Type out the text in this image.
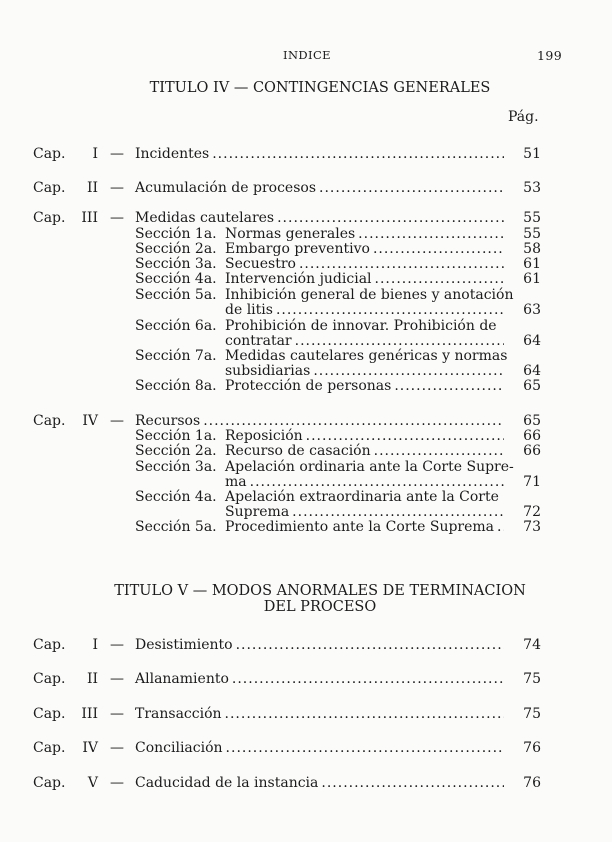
INDICE	199
TITULO IV — CONTINGENCIAS GENERALES
Pág.
Cap.	I — Incidentes .....	51
Cap.	II — Acumulación de procesos .....	53
Cap. III — Medidas cautelares .....	55
Sección 1a. Normas generales .....	55
Sección 2a. Embargo preventivo .....	58
Sección 3a. Secuestro .....	61
Sección 4a. Intervención judicial .....	61
Sección 5a. Inhibición general de bienes y anotación
de litis .....	63
Sección 6a. Prohibición de innovar. Prohibición de
contratar .....	64
Sección 7a. Medidas cautelares genéricas y normas
subsidiarias .....	64
Sección 8a. Protección de personas .....	65
Cap.	IV — Recursos .....	65
Sección 1a. Reposición .....	66
Sección 2a. Recurso de casación .....	66
Sección 3a. Apelación ordinaria ante la Corte Supre-
ma .....	71
Sección 4a. Apelación extraordinaria ante la Corte
Suprema .....	72
Sección 5a. Procedimiento ante la Corte Suprema .....	73
TITULO V — MODOS ANORMALES DE TERMINACION
DEL PROCESO
Cap.	I — Desistimiento .....	74
Cap.	II — Allanamiento .....	75
Cap. III — Transacción .....	75
Cap.	IV — Conciliación .....	76
Cap.	V — Caducidad de la instancia .....	76
